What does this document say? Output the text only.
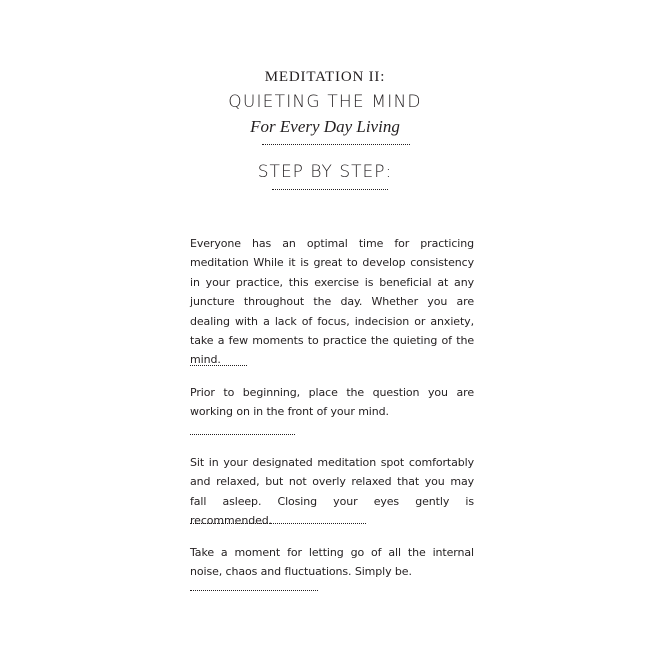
MEDITATION II:
QUIETING THE MIND
For Every Day Living
STEP BY STEP:

Everyone has an optimal time for practicing meditation While it is great to develop consistency in your practice, this exercise is beneficial at any juncture throughout the day. Whether you are dealing with a lack of focus, indecision or anxiety, take a few moments to practice the quieting of the mind.

Prior to beginning, place the question you are working on in the front of your mind.

Sit in your designated meditation spot comfortably and relaxed, but not overly relaxed that you may fall asleep. Closing your eyes gently is recommended.

Take a moment for letting go of all the internal noise, chaos and fluctuations. Simply be.
